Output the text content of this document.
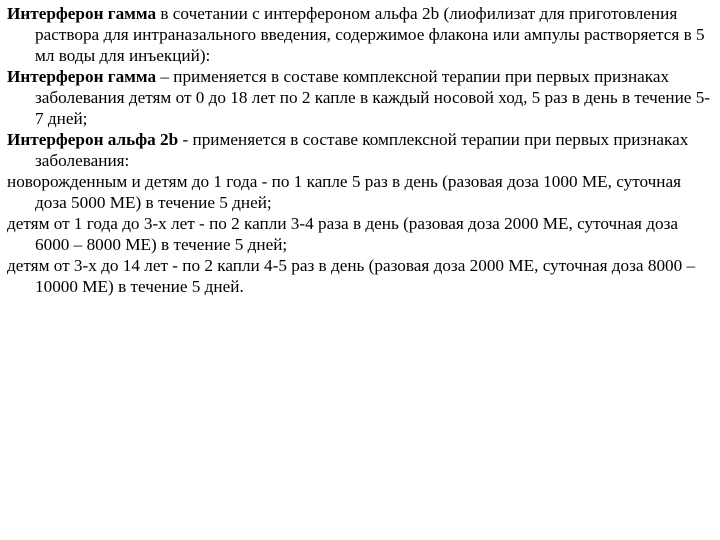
Интерферон гамма в сочетании с интерфероном альфа 2b (лиофилизат для приготовления раствора для интраназального введения, содержимое флакона или ампулы растворяется в 5 мл воды для инъекций):

Интерферон гамма – применяется в составе комплексной терапии при первых признаках заболевания детям от 0 до 18 лет по 2 капле в каждый носовой ход, 5 раз в день в течение 5-7 дней;

Интерферон альфа 2b - применяется в составе комплексной терапии при первых признаках заболевания:

новорожденным и детям до 1 года - по 1 капле 5 раз в день (разовая доза 1000 МЕ, суточная доза 5000 МЕ) в течение 5 дней;

детям от 1 года до 3-х лет - по 2 капли 3-4 раза в день (разовая доза 2000 МЕ, суточная доза 6000 – 8000 МЕ) в течение 5 дней;

детям от 3-х до 14 лет - по 2 капли 4-5 раз в день (разовая доза 2000 МЕ, суточная доза 8000 – 10000 МЕ) в течение 5 дней.
